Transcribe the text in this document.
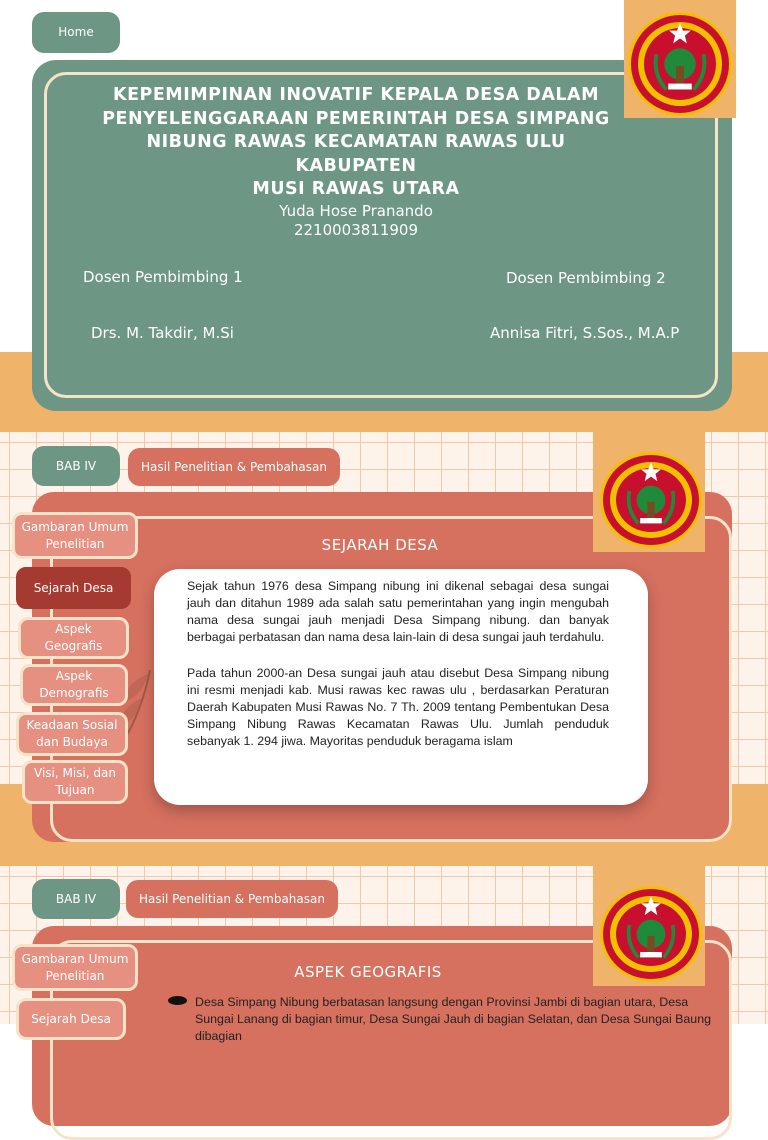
Home
KEPEMIMPINAN INOVATIF KEPALA DESA DALAM
PENYELENGGARAAN PEMERINTAH DESA SIMPANG
NIBUNG RAWAS KECAMATAN RAWAS ULU
KABUPATEN
MUSI RAWAS UTARA
Yuda Hose Pranando
2210003811909
Dosen Pembimbing 1	Dosen Pembimbing 2
Drs. M. Takdir, M.Si	Annisa Fitri, S.Sos., M.A.P
BAB IV	Hasil Penelitian & Pembahasan
SEJARAH DESA
Gambaran Umum Penelitian
Sejarah Desa
Aspek Geografis
Aspek Demografis
Keadaan Sosial dan Budaya
Visi, Misi, dan Tujuan
Sejak tahun 1976 desa Simpang nibung ini dikenal sebagai desa sungai jauh dan ditahun 1989 ada salah satu pemerintahan yang ingin mengubah nama desa sungai jauh menjadi Desa Simpang nibung. dan banyak berbagai perbatasan dan nama desa lain-lain di desa sungai jauh terdahulu.
Pada tahun 2000-an Desa sungai jauh atau disebut Desa Simpang nibung ini resmi menjadi kab. Musi rawas kec rawas ulu , berdasarkan Peraturan Daerah Kabupaten Musi Rawas No. 7 Th. 2009 tentang Pembentukan Desa Simpang Nibung Rawas Kecamatan Rawas Ulu. Jumlah penduduk sebanyak 1. 294 jiwa. Mayoritas penduduk beragama islam
BAB IV	Hasil Penelitian & Pembahasan
ASPEK GEOGRAFIS
Gambaran Umum Penelitian
Sejarah Desa
Desa Simpang Nibung berbatasan langsung dengan Provinsi Jambi di bagian utara, Desa Sungai Lanang di bagian timur, Desa Sungai Jauh di bagian Selatan, dan Desa Sungai Baung dibagian
